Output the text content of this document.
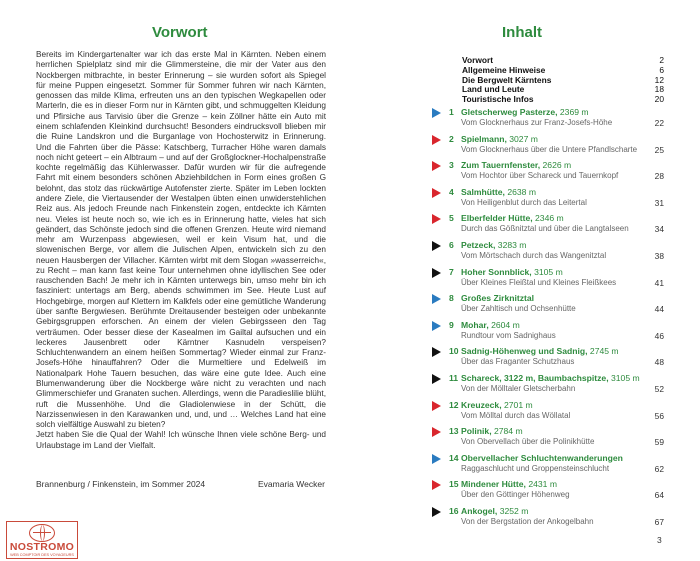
Vorwort

Bereits im Kindergartenalter war ich das erste Mal in Kärnten. Neben einem herrlichen Spielplatz sind mir die Glimmersteine, die mir der Vater aus den Nockbergen mitbrachte, in bester Erinnerung – sie wurden sofort als Spiegel für meine Puppen eingesetzt. Sommer für Sommer fuhren wir nach Kärnten, genossen das milde Klima, erfreuten uns an den typischen Wegkapellen oder Marterln, die es in dieser Form nur in Kärnten gibt, und schmuggelten Kleidung und Pfirsiche aus Tarvisio über die Grenze – kein Zöllner hätte ein Auto mit einem schlafenden Kleinkind durchsucht! Besonders eindrucksvoll blieben mir die Ruine Landskron und die Burganlage von Hochosterwitz in Erinnerung. Und die Fahrten über die Pässe: Katschberg, Turracher Höhe waren damals noch nicht geteert – ein Albtraum – und auf der Großglockner-Hochalpenstraße kochte regelmäßig das Kühlerwasser. Dafür wurden wir für die aufregende Fahrt mit einem besonders schönen Abziehbildchen in Form eines großen G belohnt, das stolz das rückwärtige Autofenster zierte. Später im Leben lockten andere Ziele, die Viertausender der Westalpen übten einen unwiderstehlichen Reiz aus. Als jedoch Freunde nach Finkenstein zogen, entdeckte ich Kärnten neu. Vieles ist heute noch so, wie ich es in Erinnerung hatte, vieles hat sich geändert, das Schönste jedoch sind die offenen Grenzen. Heute wird niemand mehr am Wurzenpass abgewiesen, weil er kein Visum hat, und die slowenischen Berge, vor allem die Julischen Alpen, entwickeln sich zu den neuen Hausbergen der Villacher. Kärnten wirbt mit dem Slogan »wasserreich«, zu Recht – man kann fast keine Tour unternehmen ohne idyllischen See oder rauschenden Bach! Je mehr ich in Kärnten unterwegs bin, umso mehr bin ich fasziniert: untertags am Berg, abends schwimmen im See. Heute Lust auf Hochgebirge, morgen auf Klettern im Kalkfels oder eine gemütliche Wanderung über sanfte Bergwiesen. Berühmte Dreitausender besteigen oder unbekannte Gebirgsgruppen erforschen. An einem der vielen Gebirgsseen den Tag verträumen. Oder besser diese der Kasealmen im Gailtal aufsuchen und ein leckeres Jausenbrett oder Kärntner Kasnudeln verspeisen? Schluchtenwandern an einem heißen Sommertag? Wieder einmal zur Franz-Josefs-Höhe hinauffahren? Oder die Murmeltiere und Edelweiß im Nationalpark Hohe Tauern besuchen, das wäre eine gute Idee. Auch eine Blumenwanderung über die Nockberge wäre nicht zu verachten und nach Glimmerschiefer und Granaten suchen. Allerdings, wenn die Paradieslilie blüht, ruft die Mussenhöhe. Und die Gladiolenwiese in der Schütt, die Narzissenwiesen in den Karawanken und, und, und … Welches Land hat eine solch vielfältige Auswahl zu bieten?

Jetzt haben Sie die Qual der Wahl! Ich wünsche Ihnen viele schöne Berg- und Urlaubstage im Land der Vielfalt.

Brannenburg / Finkenstein, im Sommer 2024	Evamaria Wecker
Inhalt
Vorwort	2
Allgemeine Hinweise	6
Die Bergwelt Kärntens	12
Land und Leute	18
Touristische Infos	20
1 Gletscherweg Pasterze, 2369 m
Vom Glocknerhaus zur Franz-Josefs-Höhe	22
2 Spielmann, 3027 m
Vom Glocknerhaus über die Untere Pfandlscharte 25
3 Zum Tauernfenster, 2626 m
Vom Hochtor über Schareck und Tauernkopf	28
4 Salmhütte, 2638 m
Von Heiligenblut durch das Leitertal	31
5 Elberfelder Hütte, 2346 m
Durch das Gößnitztal und über die Langtalseen	34
6 Petzeck, 3283 m
Vom Mörtschach durch das Wangenitztal	38
7 Hoher Sonnblick, 3105 m
Über Kleines Fleißtal und Kleines Fleißkees	41
8 Großes Zirknitztal
Über Zahltisch und Ochsenhütte	44
9 Mohar, 2604 m
Rundtour vom Sadnighaus	46
10 Sadnig-Höhenweg und Sadnig, 2745 m
Über das Fraganter Schutzhaus	48
11 Schareck, 3122 m, Baumbachspitze, 3105 m
Von der Mölltaler Gletscherbahn	52
12 Kreuzeck, 2701 m
Vom Mölltal durch das Wöllatal	56
13 Polinik, 2784 m
Von Obervellach über die Polinikhütte	59
14 Obervellacher Schluchtenwanderungen
Raggaschlucht und Groppensteinschlucht	62
15 Mindener Hütte, 2431 m
Über den Göttinger Höhenweg	64
16 Ankogel, 3252 m
Von der Bergstation der Ankogelbahn	67
3
NOSTROMO
WEB COMPTOIR DES VOYAGEURS
